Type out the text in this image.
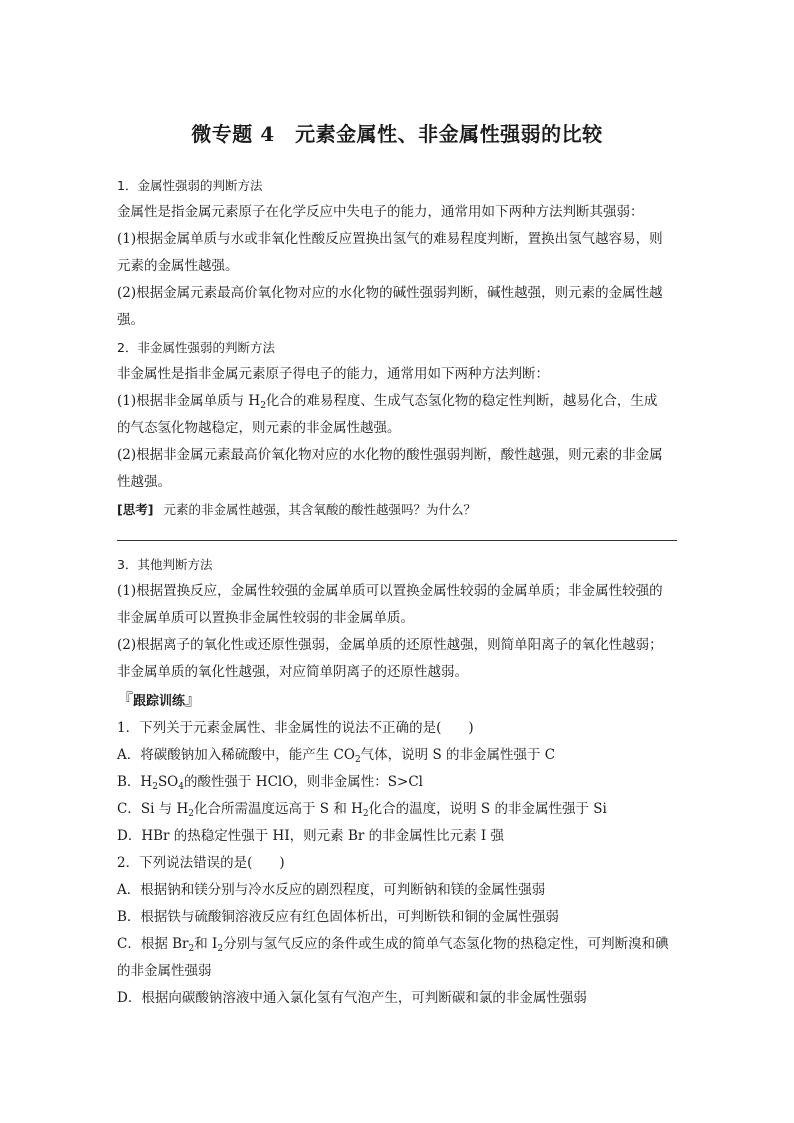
微专题 4　元素金属性、非金属性强弱的比较
1．金属性强弱的判断方法
金属性是指金属元素原子在化学反应中失电子的能力，通常用如下两种方法判断其强弱：
(1)根据金属单质与水或非氧化性酸反应置换出氢气的难易程度判断，置换出氢气越容易，则
元素的金属性越强。
(2)根据金属元素最高价氧化物对应的水化物的碱性强弱判断，碱性越强，则元素的金属性越
强。
2．非金属性强弱的判断方法
非金属性是指非金属元素原子得电子的能力，通常用如下两种方法判断：
(1)根据非金属单质与 $H_2$化合的难易程度、生成气态氢化物的稳定性判断，越易化合，生成
的气态氢化物越稳定，则元素的非金属性越强。
(2)根据非金属元素最高价氧化物对应的水化物的酸性强弱判断，酸性越强，则元素的非金属
性越强。
[思考] 元素的非金属性越强，其含氧酸的酸性越强吗？为什么？
3．其他判断方法
(1)根据置换反应，金属性较强的金属单质可以置换金属性较弱的金属单质；非金属性较强的
非金属单质可以置换非金属性较弱的非金属单质。
(2)根据离子的氧化性或还原性强弱，金属单质的还原性越强，则简单阳离子的氧化性越弱；
非金属单质的氧化性越强，对应简单阴离子的还原性越弱。
『跟踪训练』
1．下列关于元素金属性、非金属性的说法不正确的是(　　)
A．将碳酸钠加入稀硫酸中，能产生 $CO_2$气体，说明 S 的非金属性强于 C
B．$H_2SO_4$的酸性强于 HClO，则非金属性：S>Cl
C．Si 与 $H_2$化合所需温度远高于 S 和 $H_2$化合的温度，说明 S 的非金属性强于 Si
D．HBr 的热稳定性强于 HI，则元素 Br 的非金属性比元素 I 强
2．下列说法错误的是(　　)
A．根据钠和镁分别与冷水反应的剧烈程度，可判断钠和镁的金属性强弱
B．根据铁与硫酸铜溶液反应有红色固体析出，可判断铁和铜的金属性强弱
C．根据 $Br_2$和 $I_2$分别与氢气反应的条件或生成的简单气态氢化物的热稳定性，可判断溴和碘
的非金属性强弱
D．根据向碳酸钠溶液中通入氯化氢有气泡产生，可判断碳和氯的非金属性强弱
